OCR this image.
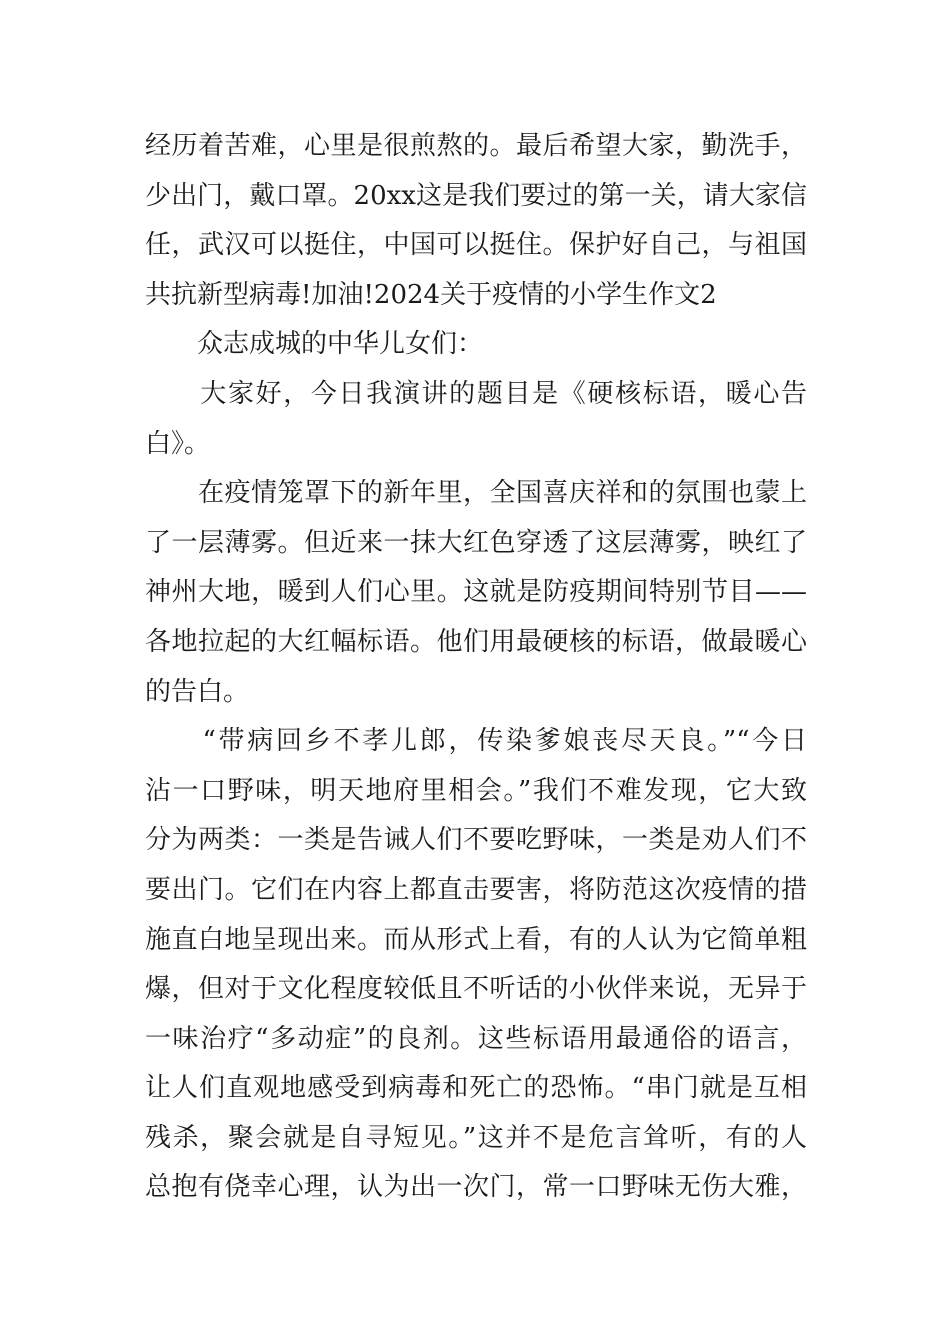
经历着苦难，心里是很煎熬的。最后希望大家，勤洗手，
少出门，戴口罩。20xx这是我们要过的第一关，请大家信
任，武汉可以挺住，中国可以挺住。保护好自己，与祖国
共抗新型病毒!加油!2024关于疫情的小学生作文2
　　众志成城的中华儿女们：
　　大家好，今日我演讲的题目是《硬核标语，暖心告
白》。
　　在疫情笼罩下的新年里，全国喜庆祥和的氛围也蒙上
了一层薄雾。但近来一抹大红色穿透了这层薄雾，映红了
神州大地，暖到人们心里。这就是防疫期间特别节目——
各地拉起的大红幅标语。他们用最硬核的标语，做最暖心
的告白。
　　“带病回乡不孝儿郎，传染爹娘丧尽天良。”“今日
沾一口野味，明天地府里相会。”我们不难发现，它大致
分为两类：一类是告诫人们不要吃野味，一类是劝人们不
要出门。它们在内容上都直击要害，将防范这次疫情的措
施直白地呈现出来。而从形式上看，有的人认为它简单粗
爆，但对于文化程度较低且不听话的小伙伴来说，无异于
一味治疗“多动症”的良剂。这些标语用最通俗的语言，
让人们直观地感受到病毒和死亡的恐怖。“串门就是互相
残杀，聚会就是自寻短见。”这并不是危言耸听，有的人
总抱有侥幸心理，认为出一次门，常一口野味无伤大雅，
